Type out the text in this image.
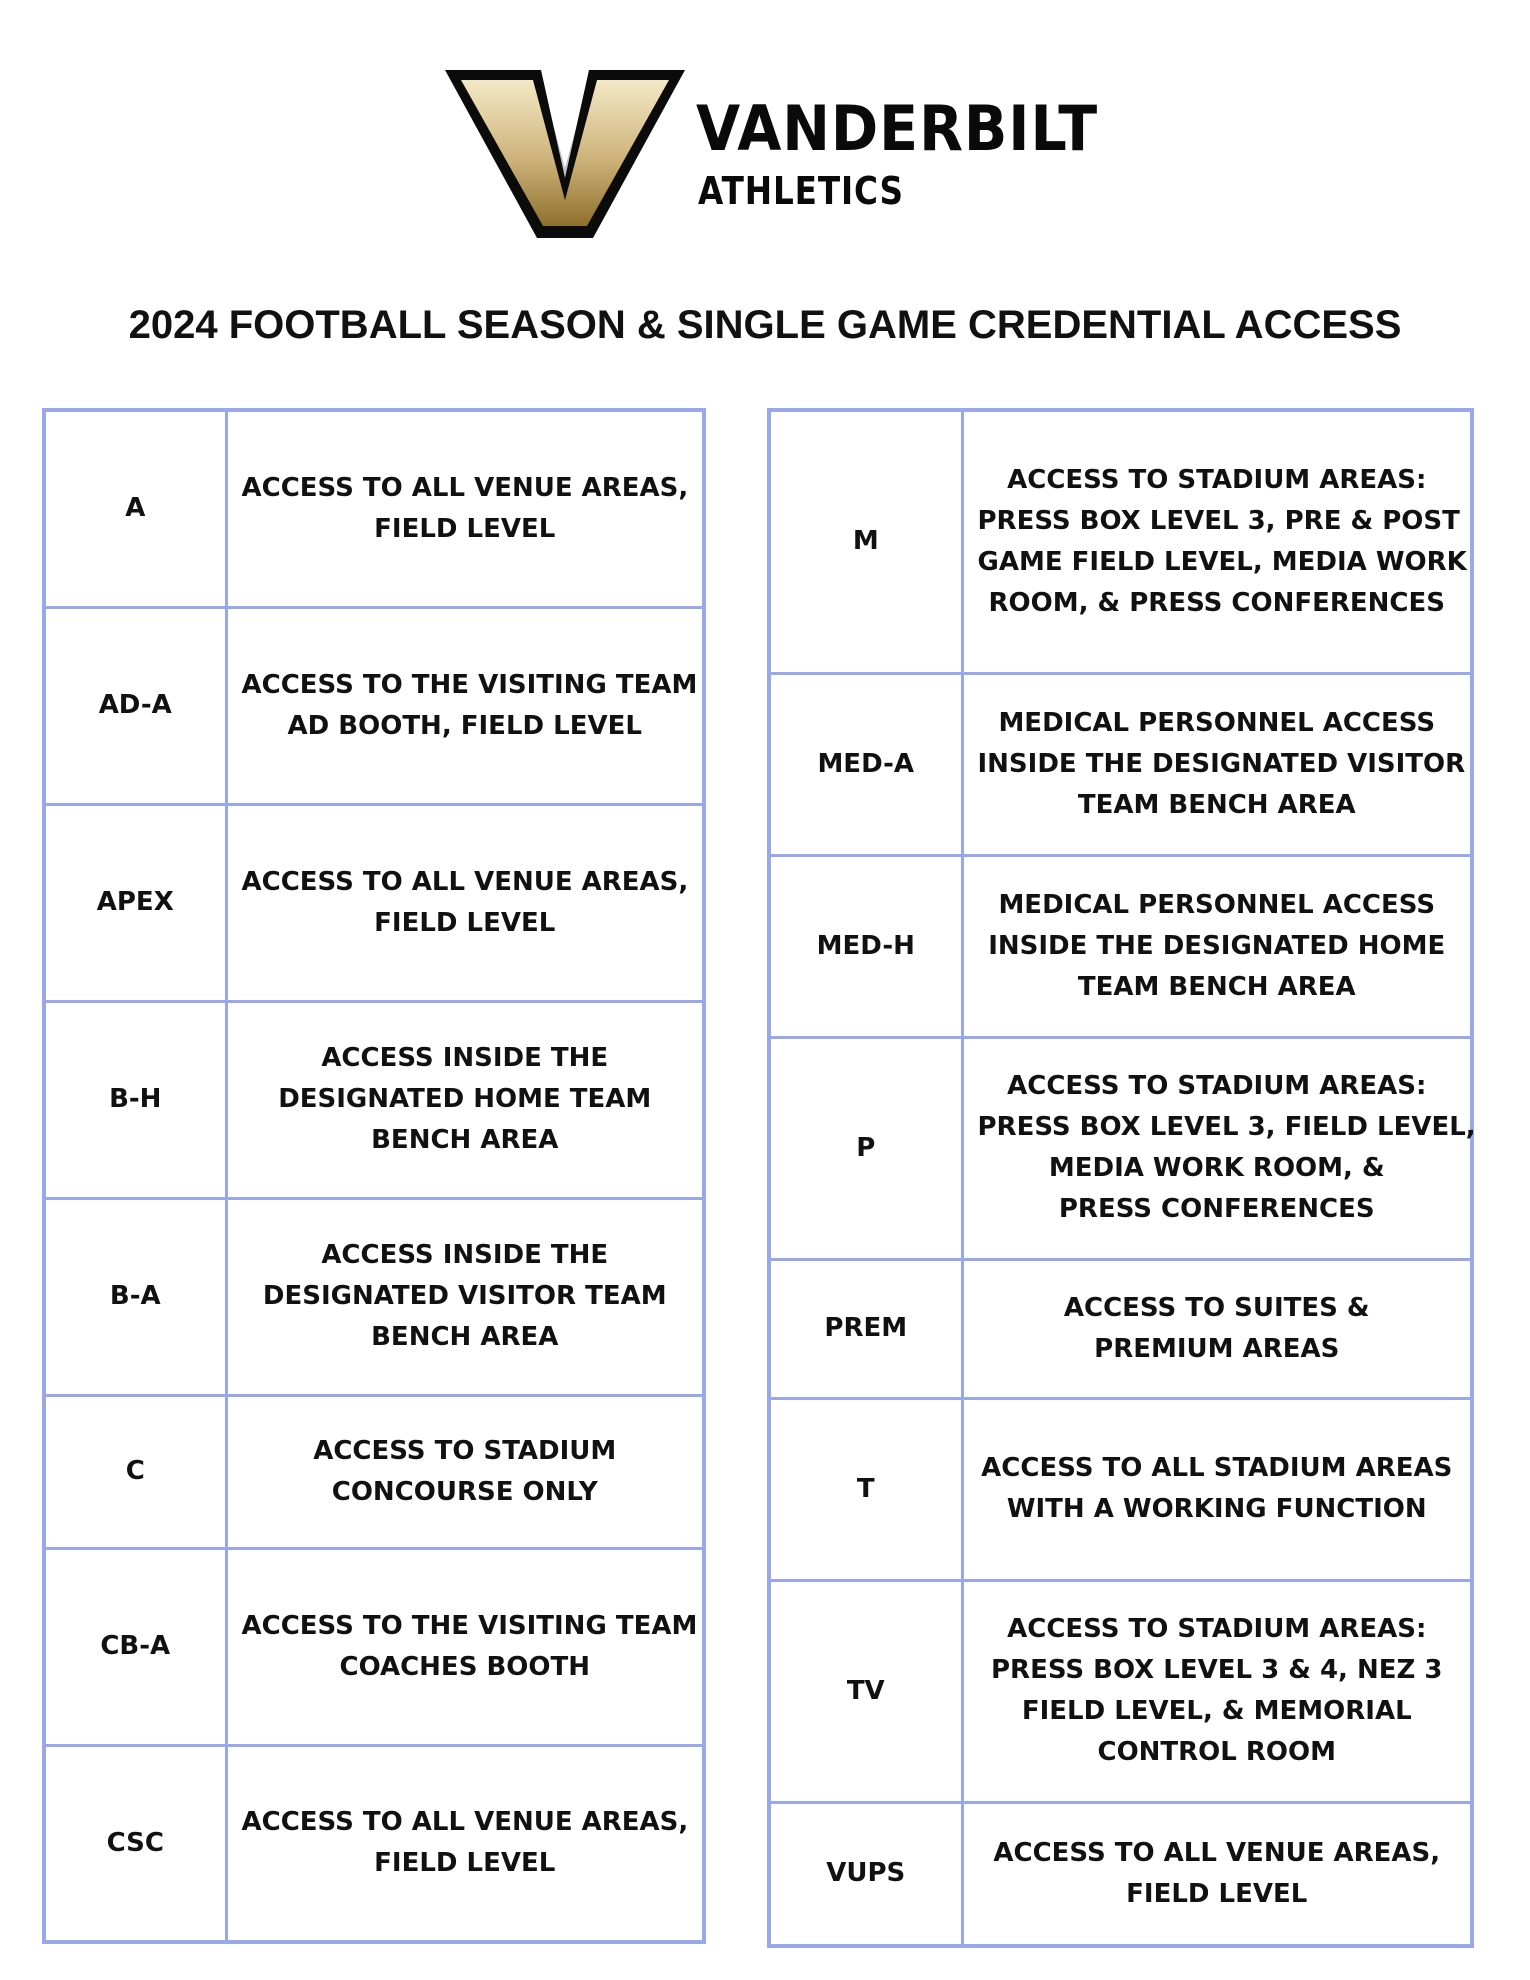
VANDERBILT
ATHLETICS
2024 FOOTBALL SEASON & SINGLE GAME CREDENTIAL ACCESS
A	ACCESS TO ALL VENUE AREAS,
FIELD LEVEL

AD-A	ACCESS TO THE VISITING TEAM
AD BOOTH, FIELD LEVEL

APEX	ACCESS TO ALL VENUE AREAS,
FIELD LEVEL

B-H	ACCESS INSIDE THE
DESIGNATED HOME TEAM
BENCH AREA

B-A	ACCESS INSIDE THE
DESIGNATED VISITOR TEAM
BENCH AREA

C	ACCESS TO STADIUM
CONCOURSE ONLY

CB-A	ACCESS TO THE VISITING TEAM
COACHES BOOTH

CSC	ACCESS TO ALL VENUE AREAS,
FIELD LEVEL
M	ACCESS TO STADIUM AREAS:
PRESS BOX LEVEL 3, PRE & POST
GAME FIELD LEVEL, MEDIA WORK
ROOM, & PRESS CONFERENCES

MED-A	MEDICAL PERSONNEL ACCESS
INSIDE THE DESIGNATED VISITOR
TEAM BENCH AREA

MED-H	MEDICAL PERSONNEL ACCESS
INSIDE THE DESIGNATED HOME
TEAM BENCH AREA

P	ACCESS TO STADIUM AREAS:
PRESS BOX LEVEL 3, FIELD LEVEL,
MEDIA WORK ROOM, &
PRESS CONFERENCES

PREM	ACCESS TO SUITES &
PREMIUM AREAS

T	ACCESS TO ALL STADIUM AREAS
WITH A WORKING FUNCTION

TV	ACCESS TO STADIUM AREAS:
PRESS BOX LEVEL 3 & 4, NEZ 3
FIELD LEVEL, & MEMORIAL
CONTROL ROOM

VUPS	ACCESS TO ALL VENUE AREAS,
FIELD LEVEL
